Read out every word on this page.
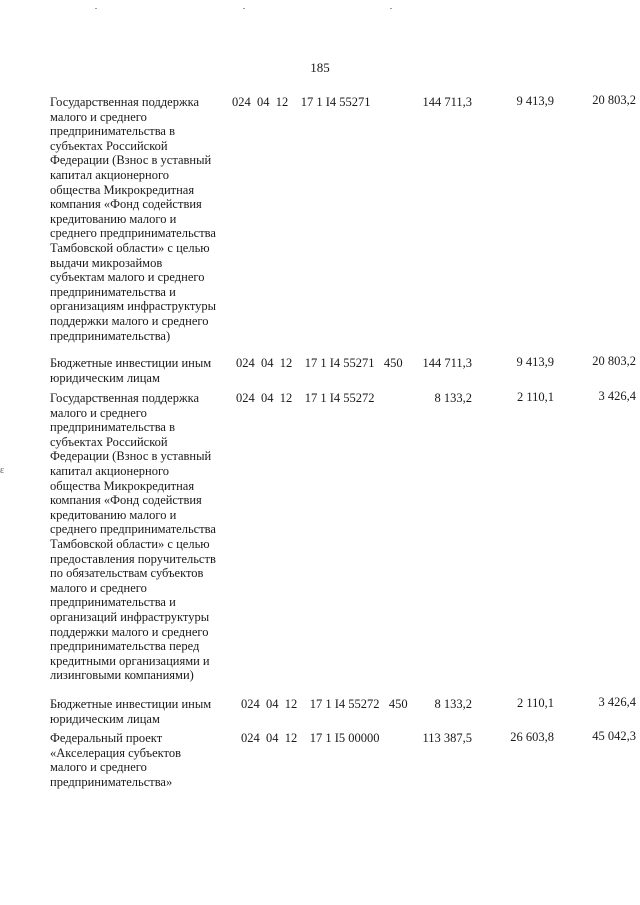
185
ɛ
Государственная поддержка
малого и среднего
предпринимательства в
субъектах Российской
Федерации (Взнос в уставный
капитал акционерного
общества Микрокредитная
компания «Фонд содействия
кредитованию малого и
среднего предпринимательства
Тамбовской области» с целью
выдачи микрозаймов
субъектам малого и среднего
предпринимательства и
организациям инфраструктуры
поддержки малого и среднего
предпринимательства)
024  04  12    17 1 I4 55271	144 711,3	9 413,9	20 803,2
Бюджетные инвестиции иным
юридическим лицам
024  04  12    17 1 I4 55271   450 144 711,3	9 413,9	20 803,2
Государственная поддержка
малого и среднего
предпринимательства в
субъектах Российской
Федерации (Взнос в уставный
капитал акционерного
общества Микрокредитная
компания «Фонд содействия
кредитованию малого и
среднего предпринимательства
Тамбовской области» с целью
предоставления поручительств
по обязательствам субъектов
малого и среднего
предпринимательства и
организаций инфраструктуры
поддержки малого и среднего
предпринимательства перед
кредитными организациями и
лизинговыми компаниями)
024  04  12    17 1 I4 55272	8 133,2	2 110,1	3 426,4
Бюджетные инвестиции иным
юридическим лицам
024  04  12    17 1 I4 55272   450 8 133,2	2 110,1	3 426,4
Федеральный проект
«Акселерация субъектов
малого и среднего
предпринимательства»
024  04  12    17 1 I5 00000	113 387,5	26 603,8	45 042,3
